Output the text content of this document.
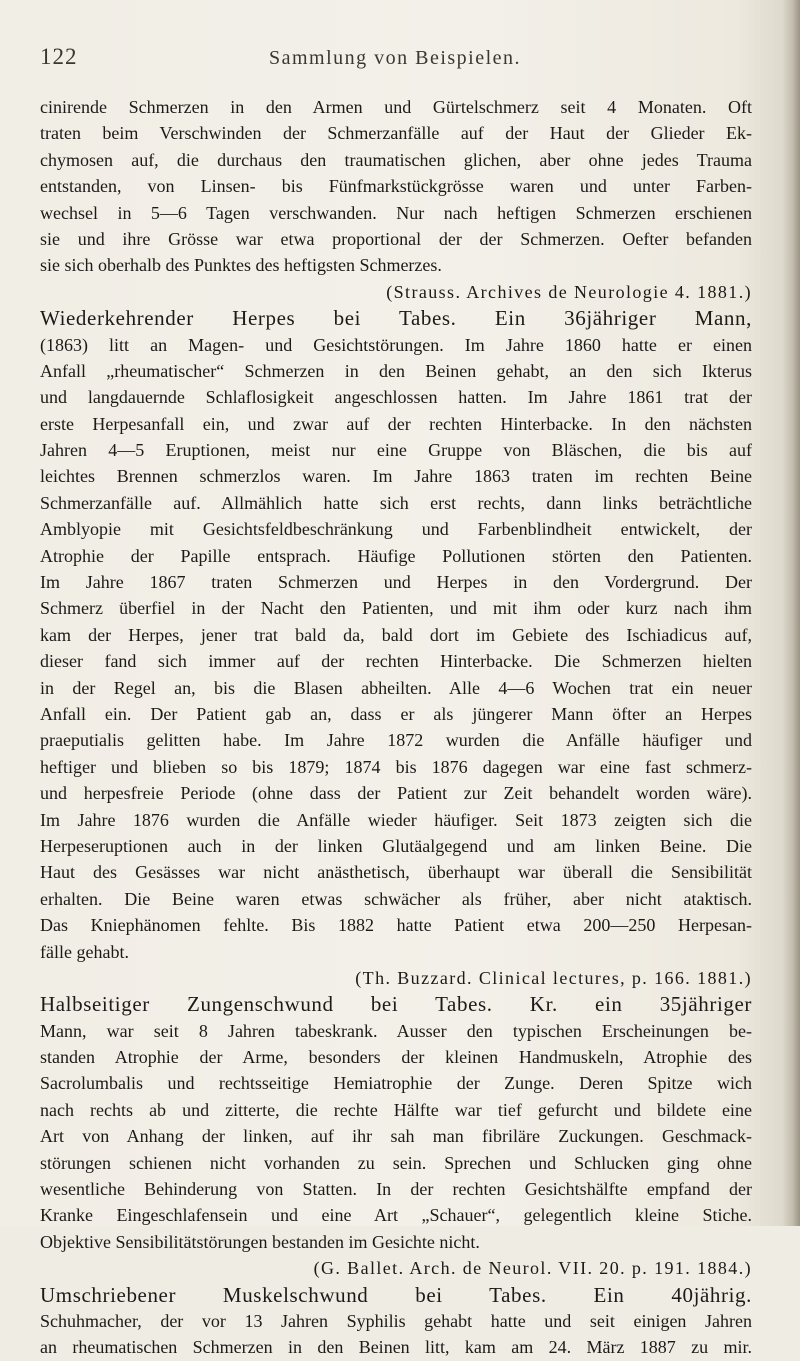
122	Sammlung von Beispielen.
cinirende Schmerzen in den Armen und Gürtelschmerz seit 4 Monaten. Oft
traten beim Verschwinden der Schmerzanfälle auf der Haut der Glieder Ek-
chymosen auf, die durchaus den traumatischen glichen, aber ohne jedes Trauma
entstanden, von Linsen- bis Fünfmarkstückgrösse waren und unter Farben-
wechsel in 5—6 Tagen verschwanden. Nur nach heftigen Schmerzen erschienen
sie und ihre Grösse war etwa proportional der der Schmerzen. Oefter befanden
sie sich oberhalb des Punktes des heftigsten Schmerzes.
(Strauss. Archives de Neurologie 4. 1881.)
Wiederkehrender Herpes bei Tabes. Ein 36jähriger Mann,
(1863) litt an Magen- und Gesichtstörungen. Im Jahre 1860 hatte er einen
Anfall „rheumatischer“ Schmerzen in den Beinen gehabt, an den sich Ikterus
und langdauernde Schlaflosigkeit angeschlossen hatten. Im Jahre 1861 trat der
erste Herpesanfall ein, und zwar auf der rechten Hinterbacke. In den nächsten
Jahren 4—5 Eruptionen, meist nur eine Gruppe von Bläschen, die bis auf
leichtes Brennen schmerzlos waren. Im Jahre 1863 traten im rechten Beine
Schmerzanfälle auf. Allmählich hatte sich erst rechts, dann links beträchtliche
Amblyopie mit Gesichtsfeldbeschränkung und Farbenblindheit entwickelt, der
Atrophie der Papille entsprach. Häufige Pollutionen störten den Patienten.
Im Jahre 1867 traten Schmerzen und Herpes in den Vordergrund. Der
Schmerz überfiel in der Nacht den Patienten, und mit ihm oder kurz nach ihm
kam der Herpes, jener trat bald da, bald dort im Gebiete des Ischiadicus auf,
dieser fand sich immer auf der rechten Hinterbacke. Die Schmerzen hielten
in der Regel an, bis die Blasen abheilten. Alle 4—6 Wochen trat ein neuer
Anfall ein. Der Patient gab an, dass er als jüngerer Mann öfter an Herpes
praeputialis gelitten habe. Im Jahre 1872 wurden die Anfälle häufiger und
heftiger und blieben so bis 1879; 1874 bis 1876 dagegen war eine fast schmerz-
und herpesfreie Periode (ohne dass der Patient zur Zeit behandelt worden wäre).
Im Jahre 1876 wurden die Anfälle wieder häufiger. Seit 1873 zeigten sich die
Herpeseruptionen auch in der linken Glutäalgegend und am linken Beine. Die
Haut des Gesässes war nicht anästhetisch, überhaupt war überall die Sensibilität
erhalten. Die Beine waren etwas schwächer als früher, aber nicht ataktisch.
Das Kniephänomen fehlte. Bis 1882 hatte Patient etwa 200—250 Herpesan-
fälle gehabt.
(Th. Buzzard. Clinical lectures, p. 166. 1881.)
Halbseitiger Zungenschwund bei Tabes. Kr. ein 35jähriger
Mann, war seit 8 Jahren tabeskrank. Ausser den typischen Erscheinungen be-
standen Atrophie der Arme, besonders der kleinen Handmuskeln, Atrophie des
Sacrolumbalis und rechtsseitige Hemiatrophie der Zunge. Deren Spitze wich
nach rechts ab und zitterte, die rechte Hälfte war tief gefurcht und bildete eine
Art von Anhang der linken, auf ihr sah man fibriläre Zuckungen. Geschmack-
störungen schienen nicht vorhanden zu sein. Sprechen und Schlucken ging ohne
wesentliche Behinderung von Statten. In der rechten Gesichtshälfte empfand der
Kranke Eingeschlafensein und eine Art „Schauer“, gelegentlich kleine Stiche.
Objektive Sensibilitätstörungen bestanden im Gesichte nicht.
(G. Ballet. Arch. de Neurol. VII. 20. p. 191. 1884.)
Umschriebener Muskelschwund bei Tabes. Ein 40jährig.
Schuhmacher, der vor 13 Jahren Syphilis gehabt hatte und seit einigen Jahren
an rheumatischen Schmerzen in den Beinen litt, kam am 24. März 1887 zu mir.
